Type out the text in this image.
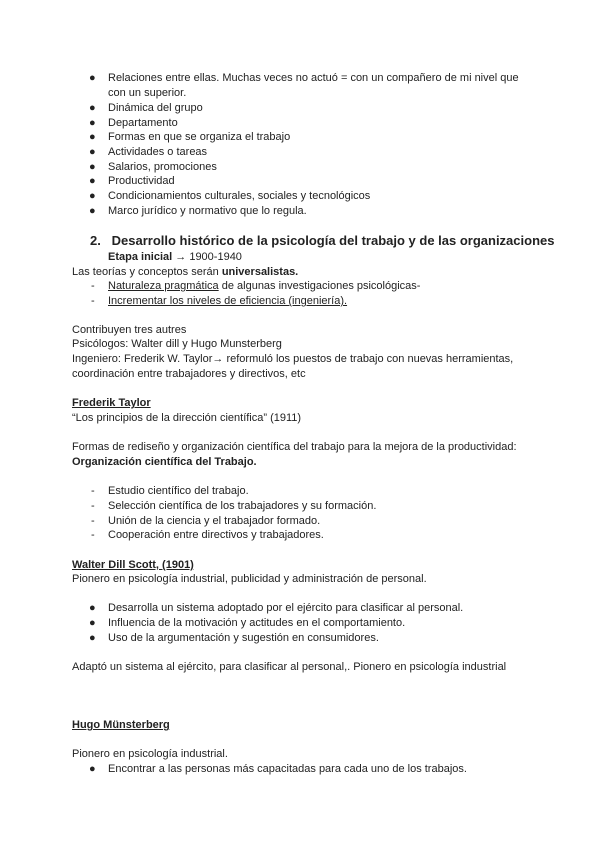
● Relaciones entre ellas. Muchas veces no actuó = con un compañero de mi nivel que
con un superior.
● Dinámica del grupo
● Departamento
● Formas en que se organiza el trabajo
● Actividades o tareas
● Salarios, promociones
● Productividad
● Condicionamientos culturales, sociales y tecnológicos
● Marco jurídico y normativo que lo regula.
2. Desarrollo histórico de la psicología del trabajo y de las organizaciones
Etapa inicial → 1900-1940
Las teorías y conceptos serán universalistas.
- Naturaleza pragmática de algunas investigaciones psicológicas-
- Incrementar los niveles de eficiencia (ingeniería).
Contribuyen tres autres
Psicólogos: Walter dill y Hugo Munsterberg
Ingeniero: Frederik W. Taylor→ reformuló los puestos de trabajo con nuevas herramientas,
coordinación entre trabajadores y directivos, etc
Frederik Taylor
“Los principios de la dirección científica” (1911)
Formas de rediseño y organización científica del trabajo para la mejora de la productividad:
Organización científica del Trabajo.
- Estudio científico del trabajo.
- Selección científica de los trabajadores y su formación.
- Unión de la ciencia y el trabajador formado.
- Cooperación entre directivos y trabajadores.
Walter Dill Scott, (1901)
Pionero en psicología industrial, publicidad y administración de personal.
● Desarrolla un sistema adoptado por el ejército para clasificar al personal.
● Influencia de la motivación y actitudes en el comportamiento.
● Uso de la argumentación y sugestión en consumidores.
Adaptó un sistema al ejército, para clasificar al personal,. Pionero en psicología industrial
Hugo Münsterberg
Pionero en psicología industrial.
● Encontrar a las personas más capacitadas para cada uno de los trabajos.
